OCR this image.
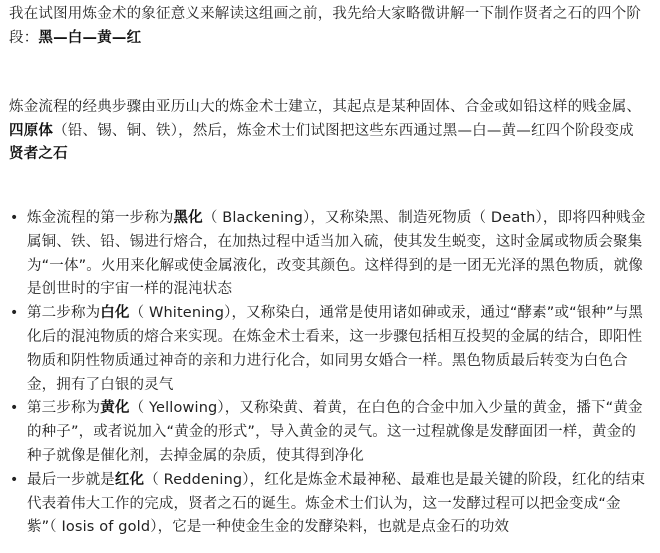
我在试图用炼金术的象征意义来解读这组画之前，我先给大家略微讲解一下制作贤者之石的四个阶段：黑—白—黄—红

炼金流程的经典步骤由亚历山大的炼金术士建立，其起点是某种固体、合金或如铅这样的贱金属、四原体（铅、锡、铜、铁），然后，炼金术士们试图把这些东西通过黑—白—黄—红四个阶段变成贤者之石

• 炼金流程的第一步称为黑化（ Blackening），又称染黑、制造死物质（ Death），即将四种贱金属铜、铁、铅、锡进行熔合，在加热过程中适当加入硫，使其发生蜕变，这时金属或物质会聚集为“一体”。火用来化解或使金属液化，改变其颜色。这样得到的是一团无光泽的黑色物质，就像是创世时的宇宙一样的混沌状态
• 第二步称为白化（ Whitening），又称染白，通常是使用诸如砷或汞，通过“酵素”或“银种”与黑化后的混沌物质的熔合来实现。在炼金术士看来，这一步骤包括相互投契的金属的结合，即阳性物质和阴性物质通过神奇的亲和力进行化合，如同男女婚合一样。黑色物质最后转变为白色合金，拥有了白银的灵气
• 第三步称为黄化（ Yellowing），又称染黄、着黄，在白色的合金中加入少量的黄金，播下“黄金的种子”，或者说加入“黄金的形式”，导入黄金的灵气。这一过程就像是发酵面团一样，黄金的种子就像是催化剂，去掉金属的杂质，使其得到净化
• 最后一步就是红化（ Reddening），红化是炼金术最神秘、最难也是最关键的阶段，红化的结束代表着伟大工作的完成，贤者之石的诞生。炼金术士们认为，这一发酵过程可以把金变成“金紫”（ Iosis of gold），它是一种使金生金的发酵染料，也就是点金石的功效
